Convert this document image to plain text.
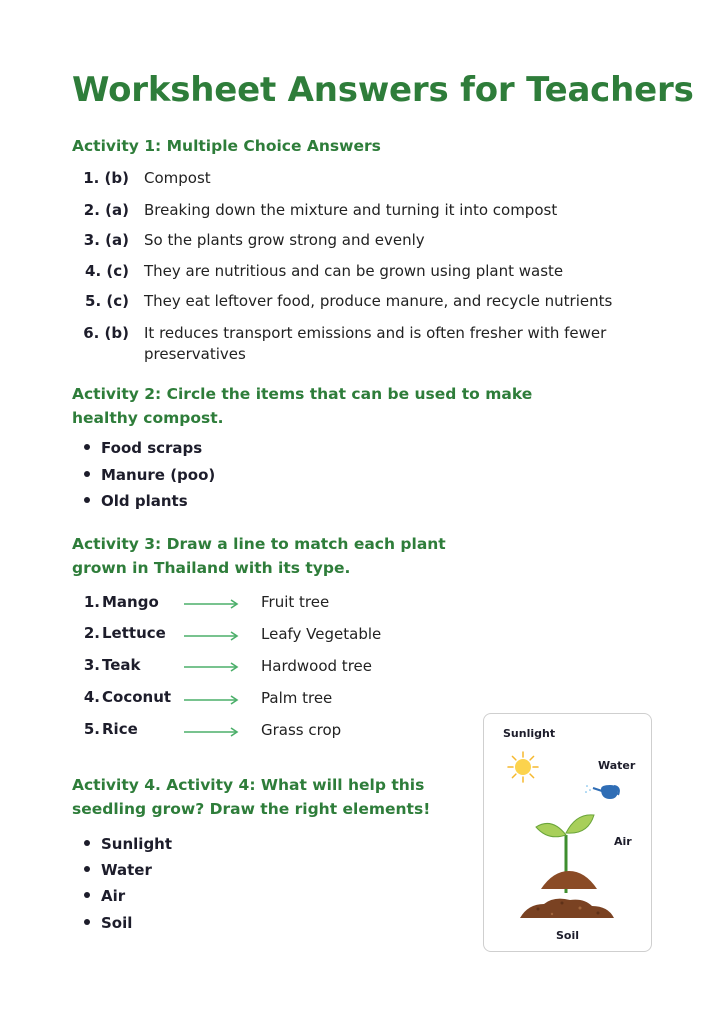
Worksheet Answers for Teachers
Activity 1: Multiple Choice Answers
1. (b) Compost
2. (a) Breaking down the mixture and turning it into compost
3. (a) So the plants grow strong and evenly
4. (c) They are nutritious and can be grown using plant waste
5. (c) They eat leftover food, produce manure, and recycle nutrients
6. (b) It reduces transport emissions and is often fresher with fewer preservatives
Activity 2: Circle the items that can be used to make healthy compost.
Food scraps
Manure (poo)
Old plants
Activity 3: Draw a line to match each plant grown in Thailand with its type.
1. Mango	Fruit tree
2. Lettuce	Leafy Vegetable
3. Teak	Hardwood tree
4. Coconut	Palm tree
5. Rice	Grass crop
Activity 4. Activity 4: What will help this seedling grow? Draw the right elements!
Sunlight
Water
Air
Soil
Sunlight
Water
Air
Soil
